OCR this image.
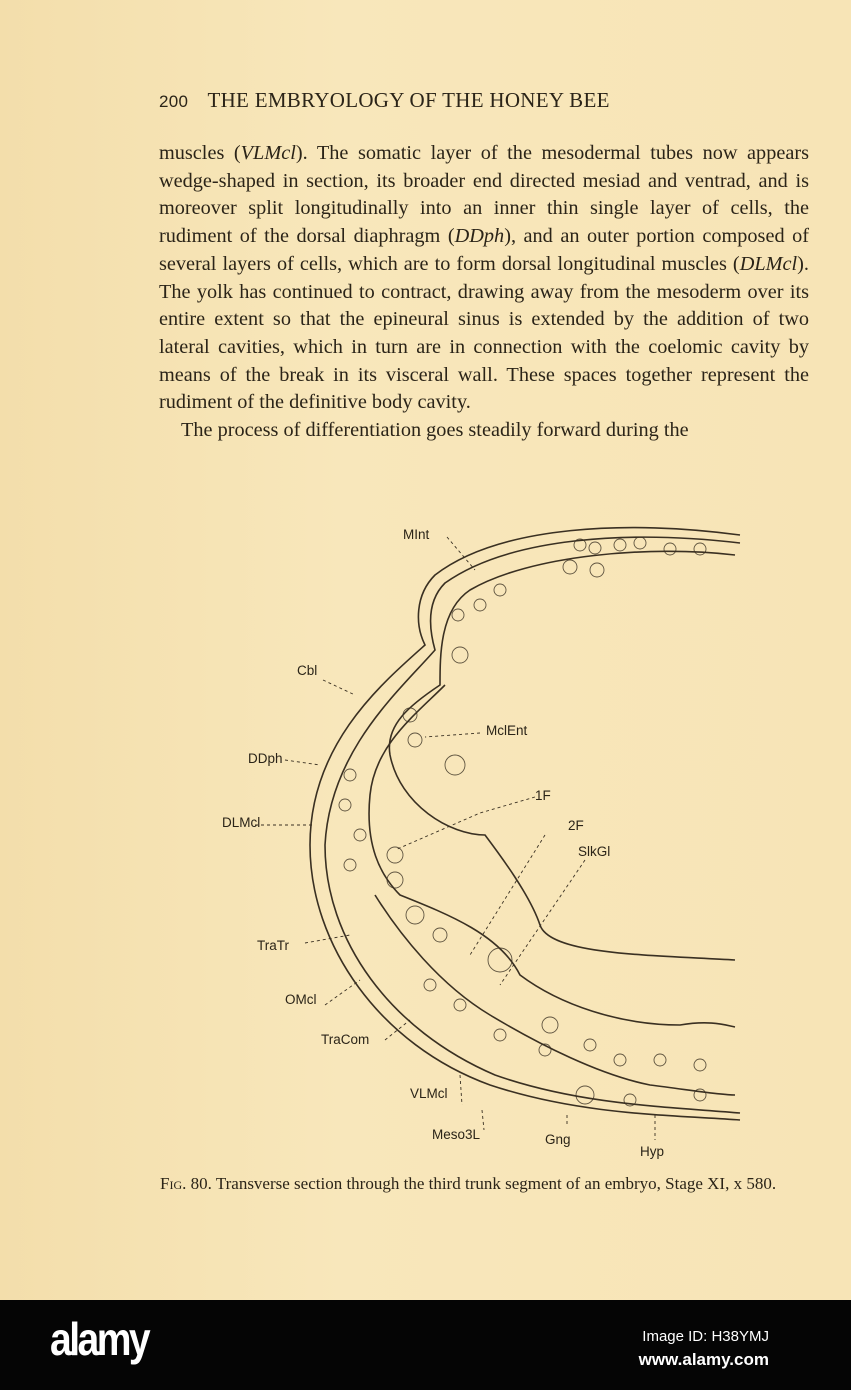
200 THE EMBRYOLOGY OF THE HONEY BEE

muscles (VLMcl). The somatic layer of the mesodermal tubes now appears wedge-shaped in section, its broader end directed mesiad and ventrad, and is moreover split longitudinally into an inner thin single layer of cells, the rudiment of the dorsal diaphragm (DDph), and an outer portion composed of several layers of cells, which are to form dorsal longitudinal muscles (DLMcl). The yolk has continued to contract, drawing away from the mesoderm over its entire extent so that the epineural sinus is extended by the addition of two lateral cavities, which in turn are in connection with the coelomic cavity by means of the break in its visceral wall. These spaces together represent the rudiment of the definitive body cavity.

The process of differentiation goes steadily forward during the

MInt
Cbl
MclEnt
DDph
1F
2F
DLMcl
SlkGl
TraTr
OMcl
TraCom
VLMcl
Meso3L	Gng
Hyp
Fig. 80. Transverse section through the third trunk segment of an embryo, Stage XI, x 580.
alamy	Image ID: H38YMJ
www.alamy.com
